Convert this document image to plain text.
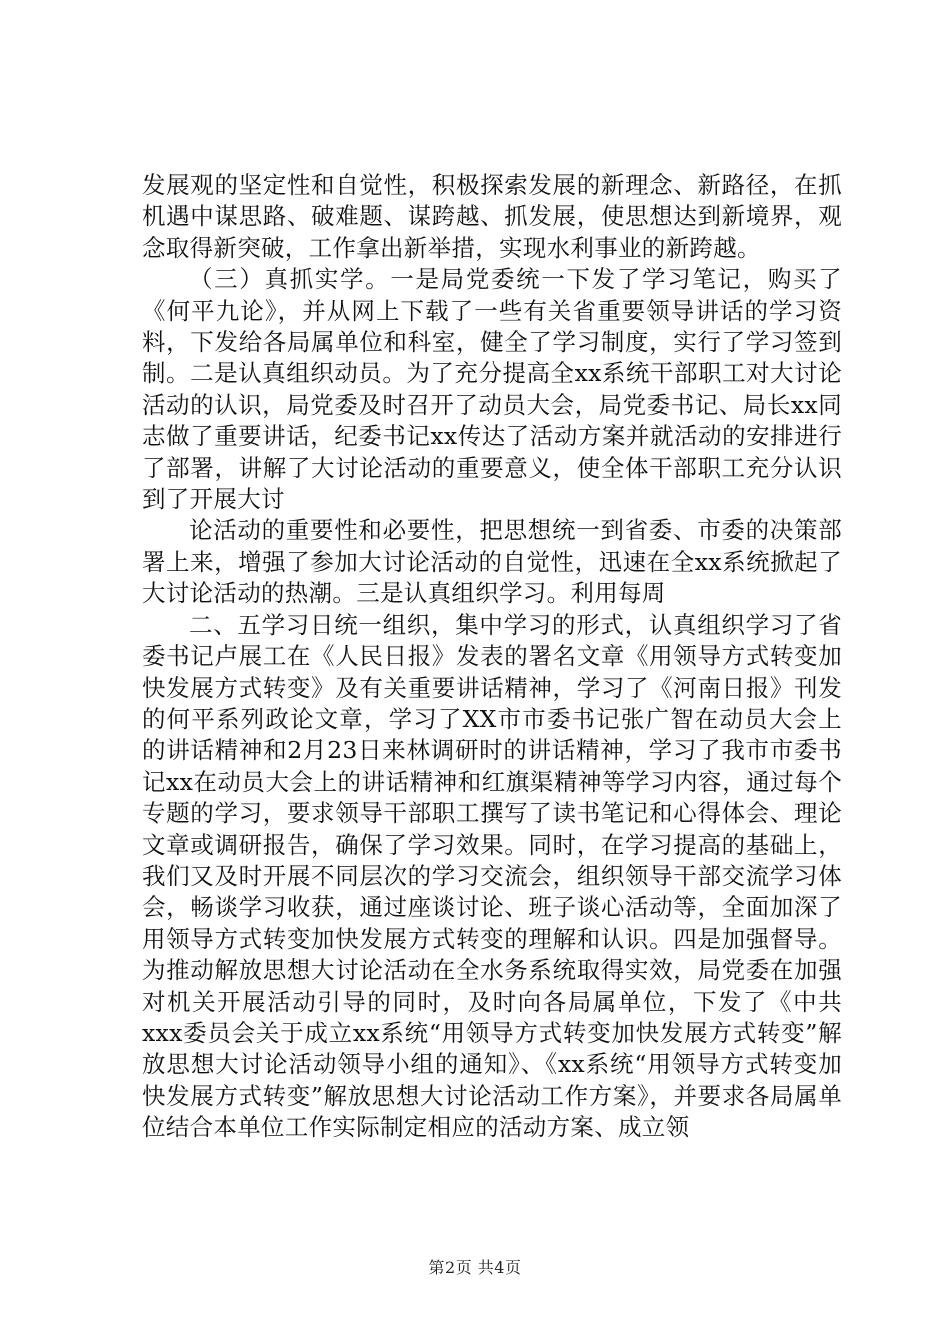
发展观的坚定性和自觉性，积极探索发展的新理念、新路径，在抓机遇中谋思路、破难题、谋跨越、抓发展，使思想达到新境界，观念取得新突破，工作拿出新举措，实现水利事业的新跨越。

（三）真抓实学。一是局党委统一下发了学习笔记，购买了《何平九论》，并从网上下载了一些有关省重要领导讲话的学习资料，下发给各局属单位和科室，健全了学习制度，实行了学习签到制。二是认真组织动员。为了充分提高全xx系统干部职工对大讨论活动的认识，局党委及时召开了动员大会，局党委书记、局长xx同志做了重要讲话，纪委书记xx传达了活动方案并就活动的安排进行了部署，讲解了大讨论活动的重要意义，使全体干部职工充分认识到了开展大讨

论活动的重要性和必要性，把思想统一到省委、市委的决策部署上来，增强了参加大讨论活动的自觉性，迅速在全xx系统掀起了大讨论活动的热潮。三是认真组织学习。利用每周

二、五学习日统一组织，集中学习的形式，认真组织学习了省委书记卢展工在《人民日报》发表的署名文章《用领导方式转变加快发展方式转变》及有关重要讲话精神，学习了《河南日报》刊发的何平系列政论文章，学习了XX市市委书记张广智在动员大会上的讲话精神和2月23日来林调研时的讲话精神，学习了我市市委书记xx在动员大会上的讲话精神和红旗渠精神等学习内容，通过每个专题的学习，要求领导干部职工撰写了读书笔记和心得体会、理论文章或调研报告，确保了学习效果。同时，在学习提高的基础上，我们又及时开展不同层次的学习交流会，组织领导干部交流学习体会，畅谈学习收获，通过座谈讨论、班子谈心活动等，全面加深了用领导方式转变加快发展方式转变的理解和认识。四是加强督导。为推动解放思想大讨论活动在全水务系统取得实效，局党委在加强对机关开展活动引导的同时，及时向各局属单位，下发了《中共xxx委员会关于成立xx系统“用领导方式转变加快发展方式转变”解放思想大讨论活动领导小组的通知》、《xx系统“用领导方式转变加快发展方式转变”解放思想大讨论活动工作方案》，并要求各局属单位结合本单位工作实际制定相应的活动方案、成立领

第2页 共4页
